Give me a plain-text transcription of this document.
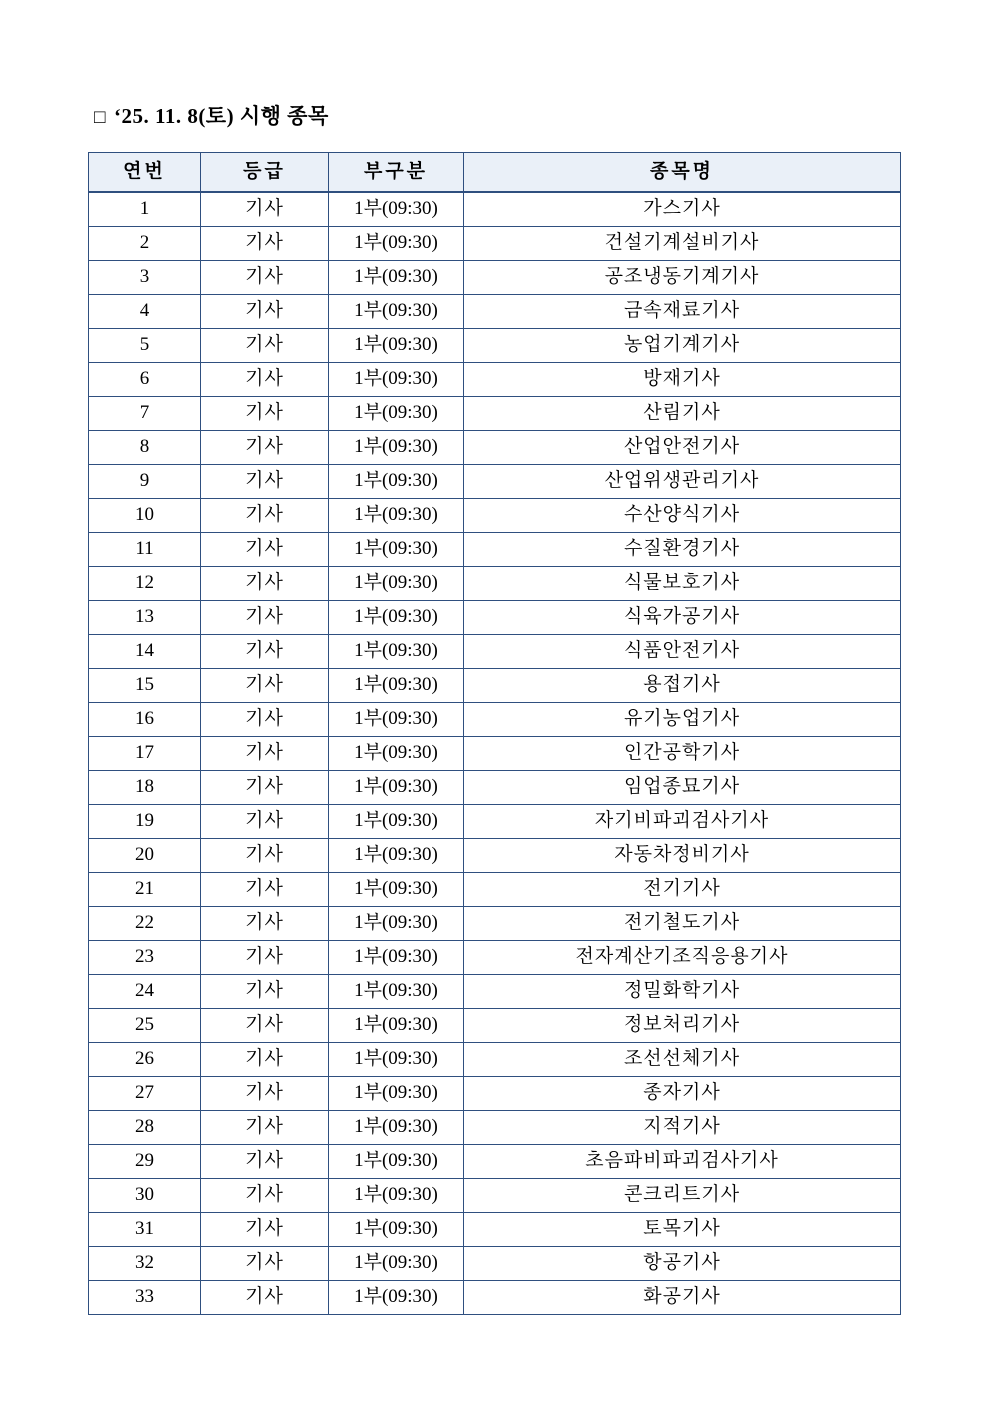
□ ‘25. 11. 8(토) 시행 종목
연번	등급	부구분	종목명
1	기사	1부(09:30)	가스기사
2	기사	1부(09:30)	건설기계설비기사
3	기사	1부(09:30)	공조냉동기계기사
4	기사	1부(09:30)	금속재료기사
5	기사	1부(09:30)	농업기계기사
6	기사	1부(09:30)	방재기사
7	기사	1부(09:30)	산림기사
8	기사	1부(09:30)	산업안전기사
9	기사	1부(09:30)	산업위생관리기사
10	기사	1부(09:30)	수산양식기사
11	기사	1부(09:30)	수질환경기사
12	기사	1부(09:30)	식물보호기사
13	기사	1부(09:30)	식육가공기사
14	기사	1부(09:30)	식품안전기사
15	기사	1부(09:30)	용접기사
16	기사	1부(09:30)	유기농업기사
17	기사	1부(09:30)	인간공학기사
18	기사	1부(09:30)	임업종묘기사
19	기사	1부(09:30)	자기비파괴검사기사
20	기사	1부(09:30)	자동차정비기사
21	기사	1부(09:30)	전기기사
22	기사	1부(09:30)	전기철도기사
23	기사	1부(09:30)	전자계산기조직응용기사
24	기사	1부(09:30)	정밀화학기사
25	기사	1부(09:30)	정보처리기사
26	기사	1부(09:30)	조선선체기사
27	기사	1부(09:30)	종자기사
28	기사	1부(09:30)	지적기사
29	기사	1부(09:30)	초음파비파괴검사기사
30	기사	1부(09:30)	콘크리트기사
31	기사	1부(09:30)	토목기사
32	기사	1부(09:30)	항공기사
33	기사	1부(09:30)	화공기사
